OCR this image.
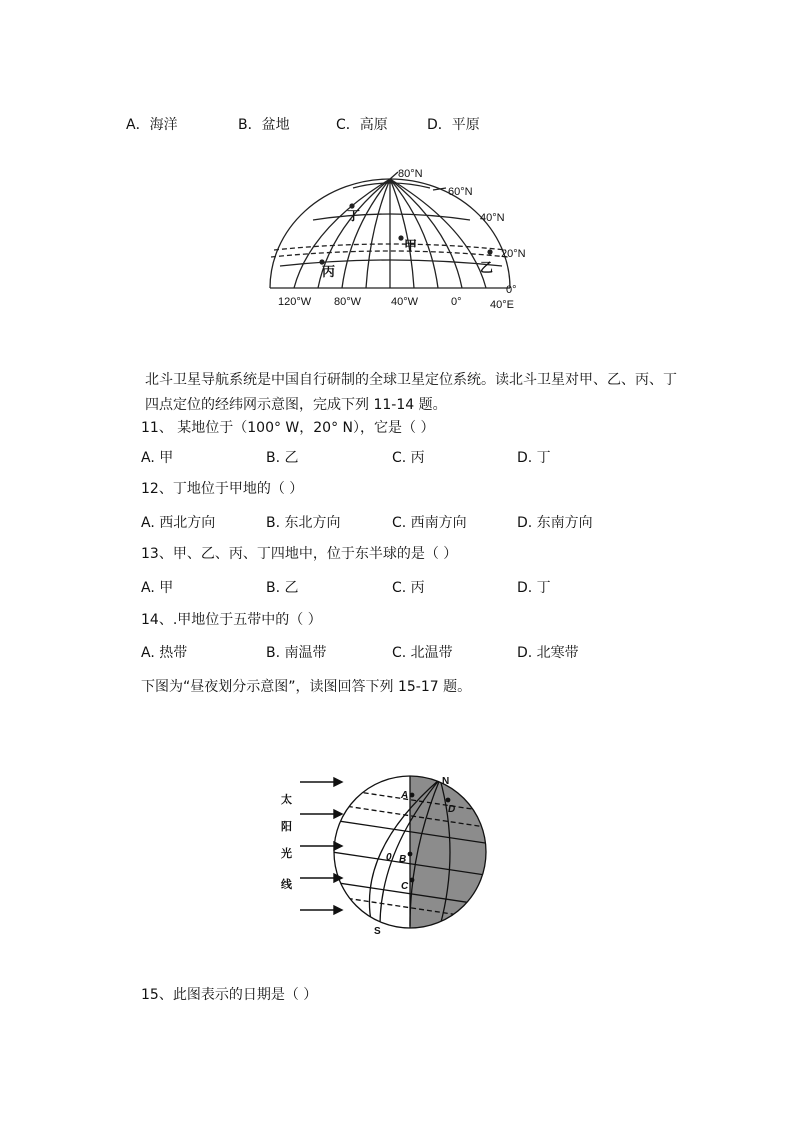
A．海洋	B．盆地	C．高原	D．平原
80°N
60°N
40°N
20°N
0°
120°W 80°W	40°W	0°	40°E
甲
乙
丙
丁
北斗卫星导航系统是中国自行研制的全球卫星定位系统。读北斗卫星对甲、乙、丙、丁
四点定位的经纬网示意图，完成下列 11-14 题。
11、 某地位于（100° W，20° N），它是（ ）
A. 甲	B. 乙	C. 丙	D. 丁
12、丁地位于甲地的（ ）
A. 西北方向	B. 东北方向	C. 西南方向	D. 东南方向
13、甲、乙、丙、丁四地中，位于东半球的是（ ）
A. 甲	B. 乙	C. 丙	D. 丁
14、.甲地位于五带中的（ ）
A. 热带	B. 南温带	C. 北温带	D. 北寒带
下图为“昼夜划分示意图”，读图回答下列 15-17 题。
太
阳
光
线
N
S
A
B
C
D
0
15、此图表示的日期是（ ）
